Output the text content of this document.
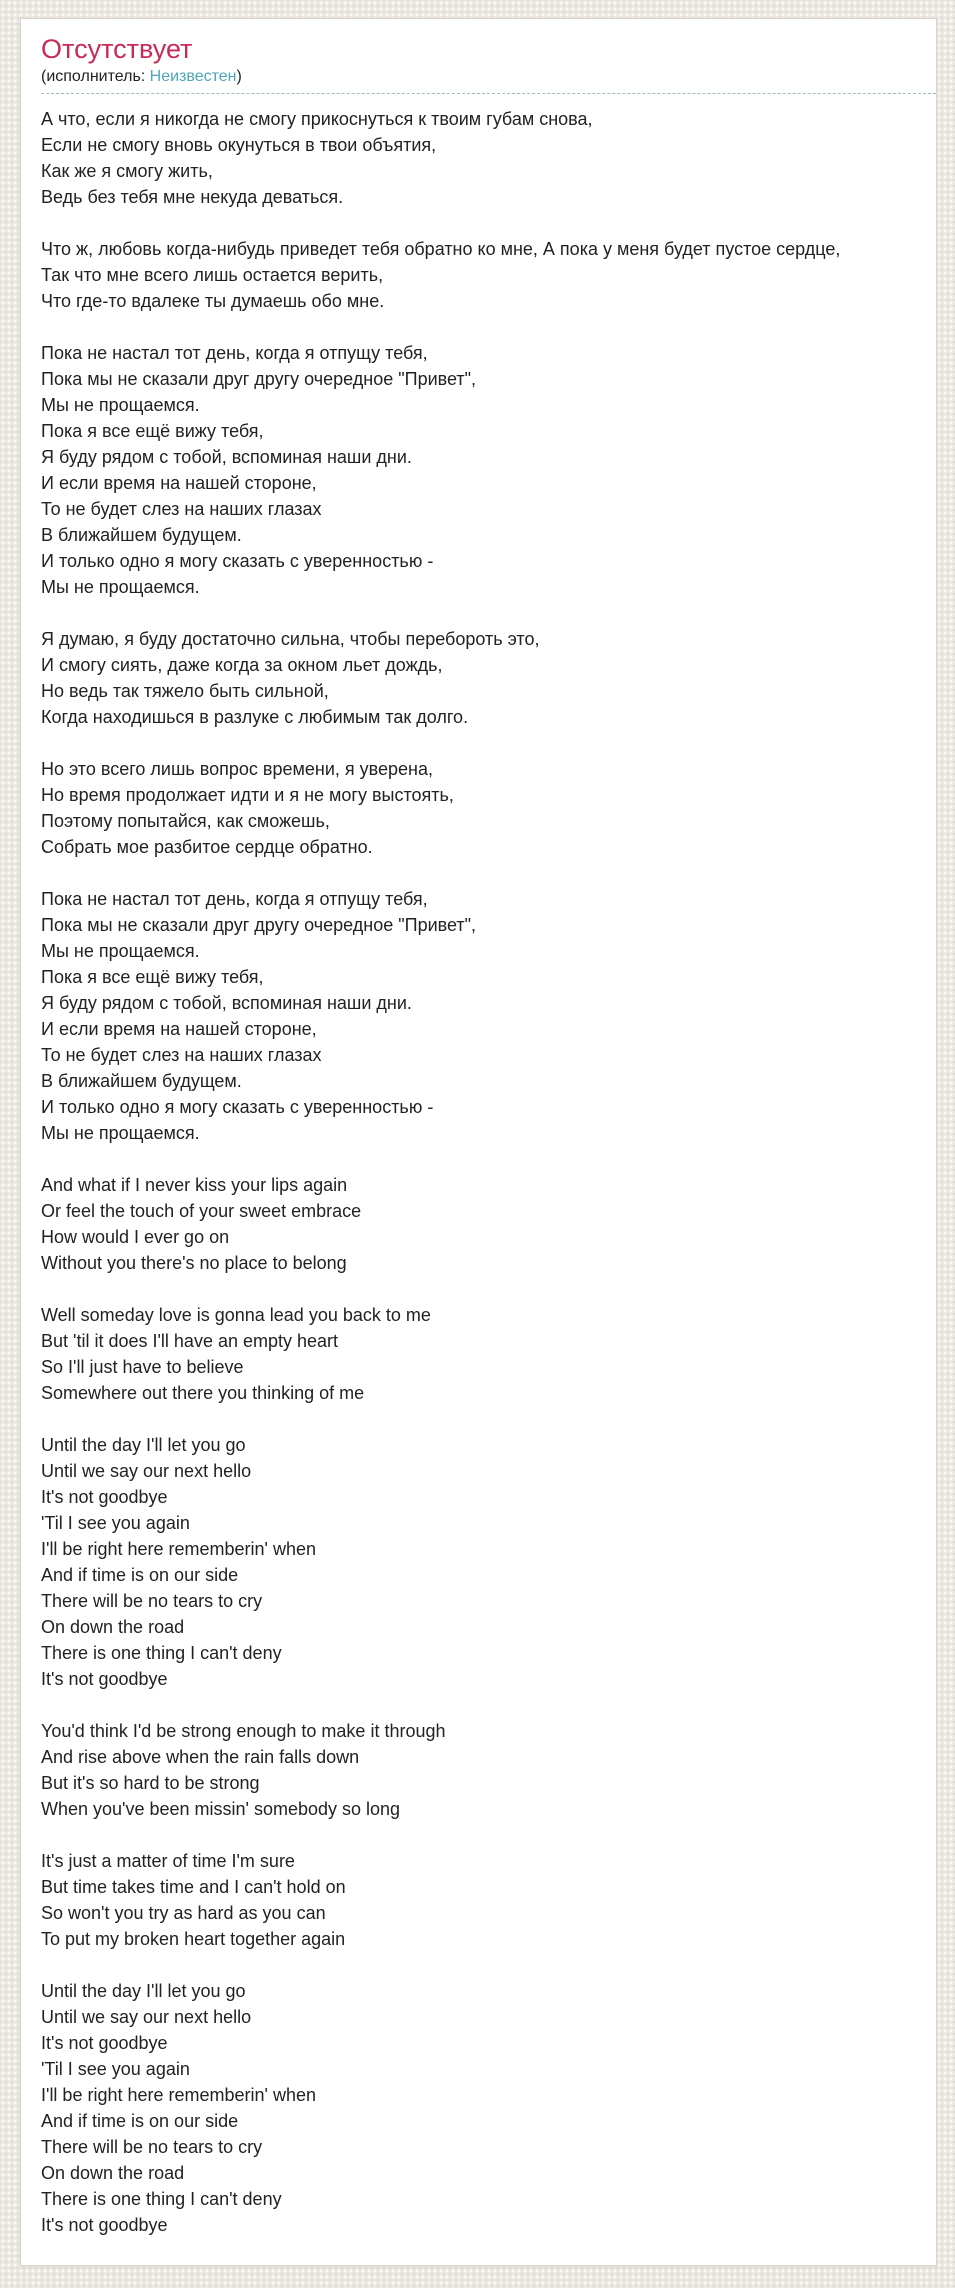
Отсутствует
(исполнитель: Неизвестен)
А что, если я никогда не смогу прикоснуться к твоим губам снова,
Если не смогу вновь окунуться в твои объятия,
Как же я смогу жить,
Ведь без тебя мне некуда деваться.
Что ж, любовь когда-нибудь приведет тебя обратно ко мне, А пока у меня будет пустое сердце,
Так что мне всего лишь остается верить,
Что где-то вдалеке ты думаешь обо мне.
Пока не настал тот день, когда я отпущу тебя,
Пока мы не сказали друг другу очередное "Привет",
Мы не прощаемся.
Пока я все ещё вижу тебя,
Я буду рядом с тобой, вспоминая наши дни.
И если время на нашей стороне,
То не будет слез на наших глазах
В ближайшем будущем.
И только одно я могу сказать с уверенностью -
Мы не прощаемся.
Я думаю, я буду достаточно сильна, чтобы перебороть это,
И смогу сиять, даже когда за окном льет дождь,
Но ведь так тяжело быть сильной,
Когда находишься в разлуке с любимым так долго.
Но это всего лишь вопрос времени, я уверена,
Но время продолжает идти и я не могу выстоять,
Поэтому попытайся, как сможешь,
Собрать мое разбитое сердце обратно.
Пока не настал тот день, когда я отпущу тебя,
Пока мы не сказали друг другу очередное "Привет",
Мы не прощаемся.
Пока я все ещё вижу тебя,
Я буду рядом с тобой, вспоминая наши дни.
И если время на нашей стороне,
То не будет слез на наших глазах
В ближайшем будущем.
И только одно я могу сказать с уверенностью -
Мы не прощаемся.
And what if I never kiss your lips again
Or feel the touch of your sweet embrace
How would I ever go on
Without you there's no place to belong
Well someday love is gonna lead you back to me
But 'til it does I'll have an empty heart
So I'll just have to believe
Somewhere out there you thinking of me
Until the day I'll let you go
Until we say our next hello
It's not goodbye
'Til I see you again
I'll be right here rememberin' when
And if time is on our side
There will be no tears to cry
On down the road
There is one thing I can't deny
It's not goodbye
You'd think I'd be strong enough to make it through
And rise above when the rain falls down
But it's so hard to be strong
When you've been missin' somebody so long
It's just a matter of time I'm sure
But time takes time and I can't hold on
So won't you try as hard as you can
To put my broken heart together again
Until the day I'll let you go
Until we say our next hello
It's not goodbye
'Til I see you again
I'll be right here rememberin' when
And if time is on our side
There will be no tears to cry
On down the road
There is one thing I can't deny
It's not goodbye
